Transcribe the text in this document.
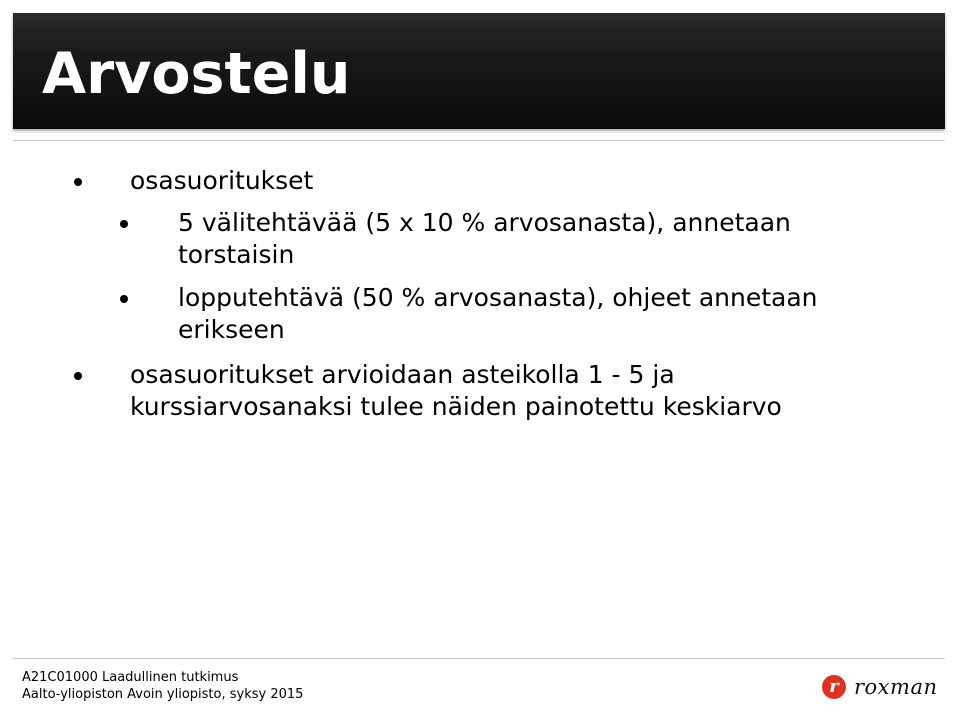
Arvostelu
osasuoritukset
5 välitehtävää (5 x 10 % arvosanasta), annetaan
torstaisin
lopputehtävä (50 % arvosanasta), ohjeet annetaan
erikseen
osasuoritukset arvioidaan asteikolla 1 - 5 ja
kurssiarvosanaksi tulee näiden painotettu keskiarvo
A21C01000 Laadullinen tutkimus
Aalto-yliopiston Avoin yliopisto, syksy 2015	r roxman
